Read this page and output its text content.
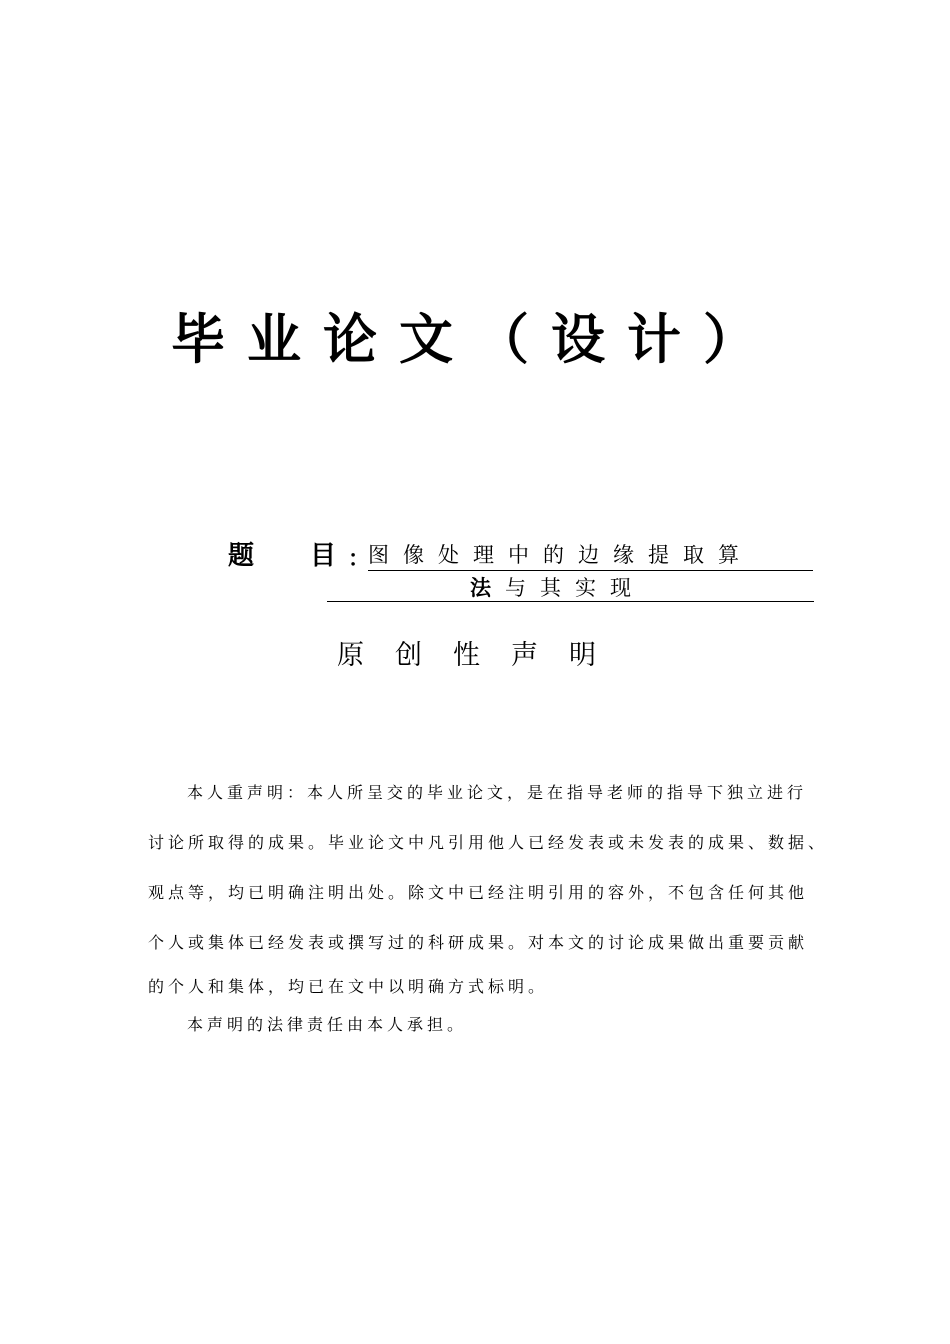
毕业论文（设计）
题 目 ：
图像处理中的边缘提取算
法与其实现
原创性声明
本人重声明：本人所呈交的毕业论文，是在指导老师的指导下独立进行
讨论所取得的成果。毕业论文中凡引用他人已经发表或未发表的成果、数据、
观点等，均已明确注明出处。除文中已经注明引用的容外，不包含任何其他
个人或集体已经发表或撰写过的科研成果。对本文的讨论成果做出重要贡献
的个人和集体，均已在文中以明确方式标明。
本声明的法律责任由本人承担。
